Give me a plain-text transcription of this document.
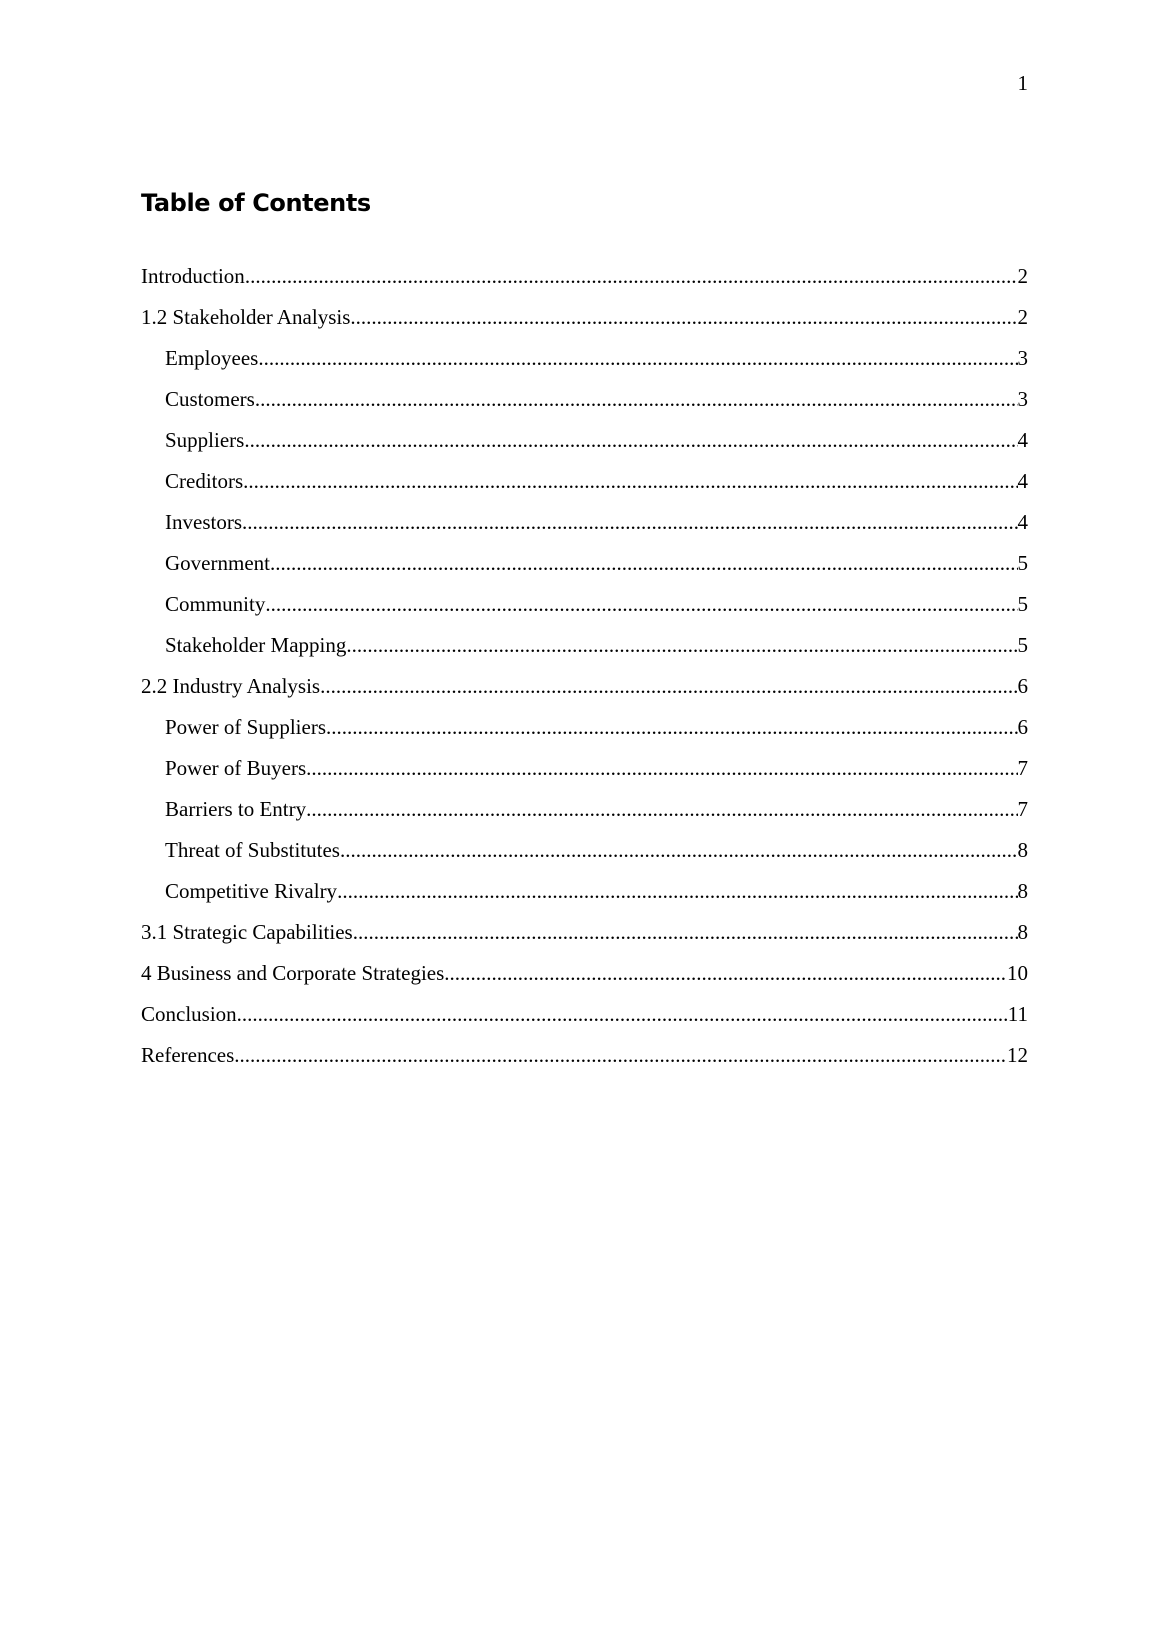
1
Table of Contents
Introduction .....	2
1.2 Stakeholder Analysis .....	2
Employees .....	3
Customers .....	3
Suppliers .....	4
Creditors .....	4
Investors .....	4
Government .....	5
Community .....	5
Stakeholder Mapping .....	5
2.2 Industry Analysis .....	6
Power of Suppliers .....	6
Power of Buyers .....	7
Barriers to Entry .....	7
Threat of Substitutes .....	8
Competitive Rivalry .....	8
3.1 Strategic Capabilities .....	8
4 Business and Corporate Strategies .....	10
Conclusion .....	11
References .....	12
